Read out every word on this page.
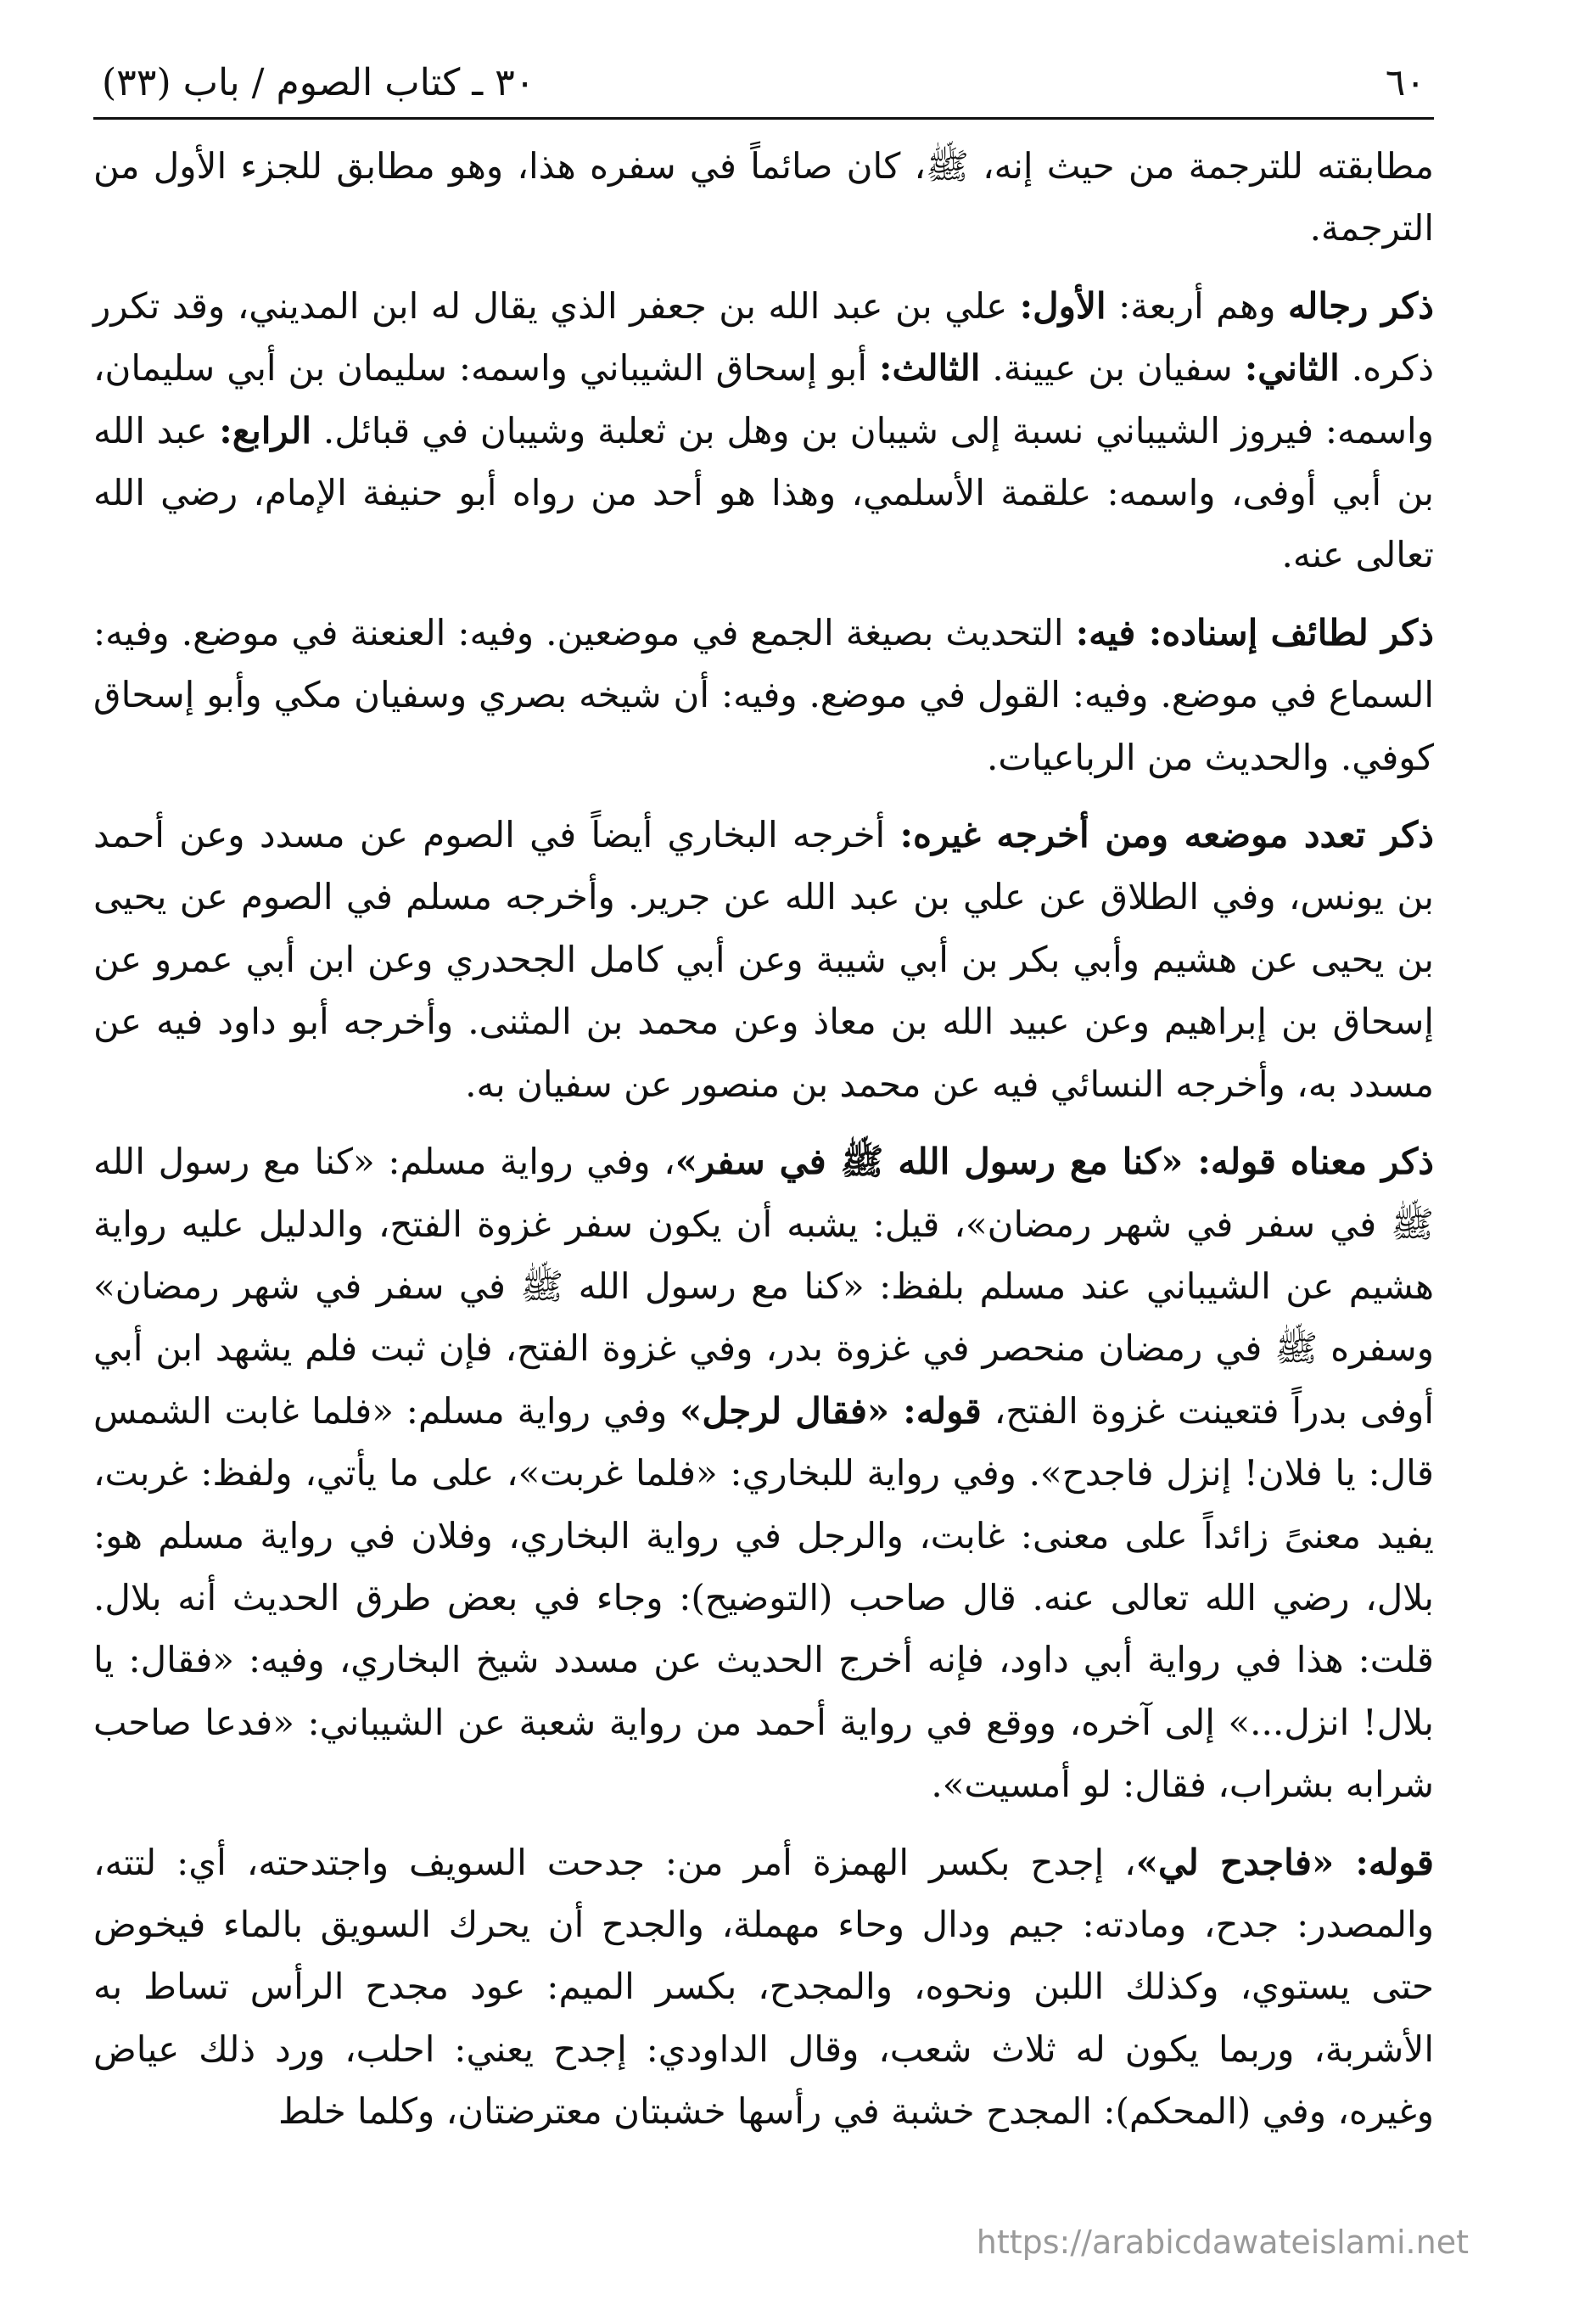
٦٠
٣٠ ـ كتاب الصوم / باب (٣٣)

مطابقته للترجمة من حيث إنه، ﷺ، كان صائماً في سفره هذا، وهو مطابق للجزء الأول من الترجمة.

ذكر رجاله وهم أربعة: الأول: علي بن عبد الله بن جعفر الذي يقال له ابن المديني، وقد تكرر ذكره. الثاني: سفيان بن عيينة. الثالث: أبو إسحاق الشيباني واسمه: سليمان بن أبي سليمان، واسمه: فيروز الشيباني نسبة إلى شيبان بن وهل بن ثعلبة وشيبان في قبائل. الرابع: عبد الله بن أبي أوفى، واسمه: علقمة الأسلمي، وهذا هو أحد من رواه أبو حنيفة الإمام، رضي الله تعالى عنه.

ذكر لطائف إسناده: فيه: التحديث بصيغة الجمع في موضعين. وفيه: العنعنة في موضع. وفيه: السماع في موضع. وفيه: القول في موضع. وفيه: أن شيخه بصري وسفيان مكي وأبو إسحاق كوفي. والحديث من الرباعيات.

ذكر تعدد موضعه ومن أخرجه غيره: أخرجه البخاري أيضاً في الصوم عن مسدد وعن أحمد بن يونس، وفي الطلاق عن علي بن عبد الله عن جرير. وأخرجه مسلم في الصوم عن يحيى بن يحيى عن هشيم وأبي بكر بن أبي شيبة وعن أبي كامل الجحدري وعن ابن أبي عمرو عن إسحاق بن إبراهيم وعن عبيد الله بن معاذ وعن محمد بن المثنى. وأخرجه أبو داود فيه عن مسدد به، وأخرجه النسائي فيه عن محمد بن منصور عن سفيان به.

ذكر معناه قوله: «كنا مع رسول الله ﷺ في سفر»، وفي رواية مسلم: «كنا مع رسول الله ﷺ في سفر في شهر رمضان»، قيل: يشبه أن يكون سفر غزوة الفتح، والدليل عليه رواية هشيم عن الشيباني عند مسلم بلفظ: «كنا مع رسول الله ﷺ في سفر في شهر رمضان» وسفره ﷺ في رمضان منحصر في غزوة بدر، وفي غزوة الفتح، فإن ثبت فلم يشهد ابن أبي أوفى بدراً فتعينت غزوة الفتح، قوله: «فقال لرجل» وفي رواية مسلم: «فلما غابت الشمس قال: يا فلان! إنزل فاجدح». وفي رواية للبخاري: «فلما غربت»، على ما يأتي، ولفظ: غربت، يفيد معنىً زائداً على معنى: غابت، والرجل في رواية البخاري، وفلان في رواية مسلم هو: بلال، رضي الله تعالى عنه. قال صاحب (التوضيح): وجاء في بعض طرق الحديث أنه بلال. قلت: هذا في رواية أبي داود، فإنه أخرج الحديث عن مسدد شيخ البخاري، وفيه: «فقال: يا بلال! انزل...» إلى آخره، ووقع في رواية أحمد من رواية شعبة عن الشيباني: «فدعا صاحب شرابه بشراب، فقال: لو أمسيت».

قوله: «فاجدح لي»، إجدح بكسر الهمزة أمر من: جدحت السويف واجتدحته، أي: لتته، والمصدر: جدح، ومادته: جيم ودال وحاء مهملة، والجدح أن يحرك السويق بالماء فيخوض حتى يستوي، وكذلك اللبن ونحوه، والمجدح، بكسر الميم: عود مجدح الرأس تساط به الأشربة، وربما يكون له ثلاث شعب، وقال الداودي: إجدح يعني: احلب، ورد ذلك عياض وغيره، وفي (المحكم): المجدح خشبة في رأسها خشبتان معترضتان، وكلما خلط

https://arabicdawateislami.net
